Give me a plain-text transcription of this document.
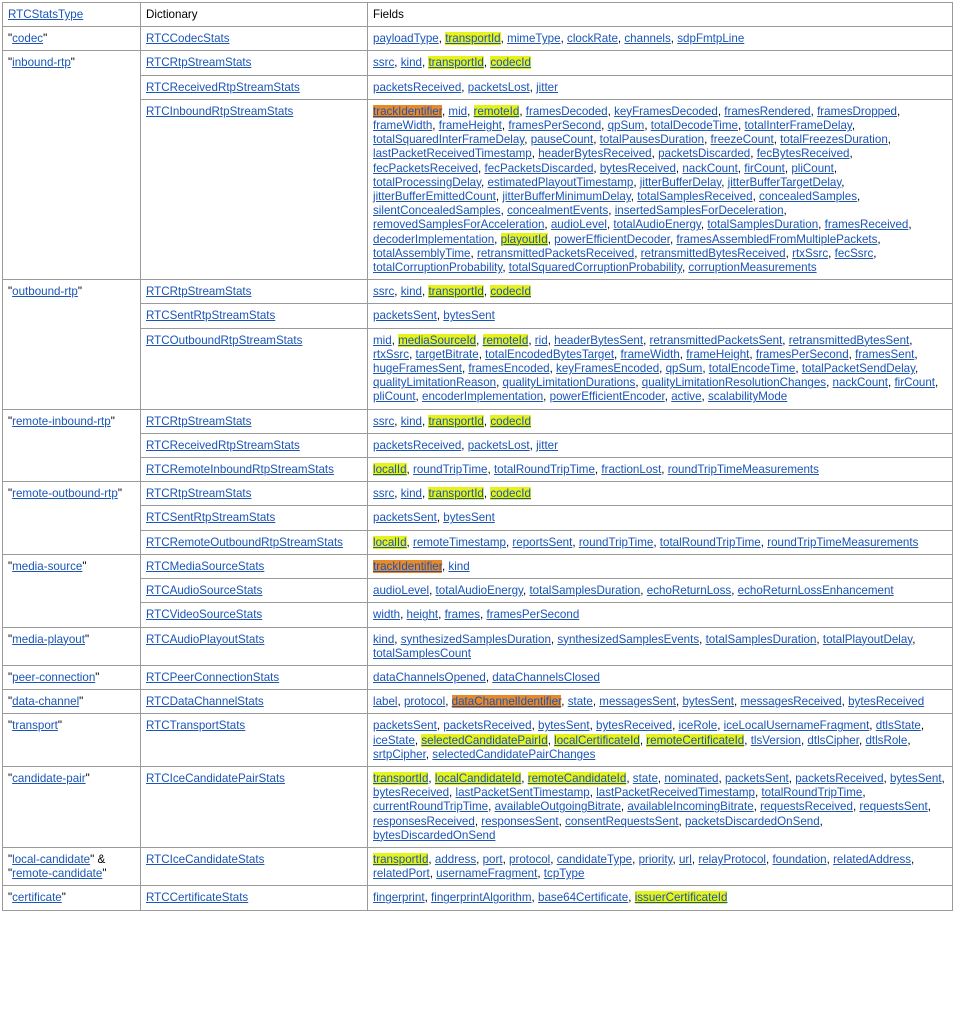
RTCStatsType	Dictionary	Fields
"codec"	RTCCodecStats	payloadType, transportId, mimeType, clockRate, channels, sdpFmtpLine
"inbound-rtp"	RTCRtpStreamStats	ssrc, kind, transportId, codecId
	RTCReceivedRtpStreamStats	packetsReceived, packetsLost, jitter
	RTCInboundRtpStreamStats	trackIdentifier, mid, remoteId, framesDecoded, keyFramesDecoded, framesRendered, framesDropped, frameWidth, frameHeight, framesPerSecond, qpSum, totalDecodeTime, totalInterFrameDelay, totalSquaredInterFrameDelay, pauseCount, totalPausesDuration, freezeCount, totalFreezesDuration, lastPacketReceivedTimestamp, headerBytesReceived, packetsDiscarded, fecBytesReceived, fecPacketsReceived, fecPacketsDiscarded, bytesReceived, nackCount, firCount, pliCount, totalProcessingDelay, estimatedPlayoutTimestamp, jitterBufferDelay, jitterBufferTargetDelay, jitterBufferEmittedCount, jitterBufferMinimumDelay, totalSamplesReceived, concealedSamples, silentConcealedSamples, concealmentEvents, insertedSamplesForDeceleration, removedSamplesForAcceleration, audioLevel, totalAudioEnergy, totalSamplesDuration, framesReceived, decoderImplementation, playoutId, powerEfficientDecoder, framesAssembledFromMultiplePackets, totalAssemblyTime, retransmittedPacketsReceived, retransmittedBytesReceived, rtxSsrc, fecSsrc, totalCorruptionProbability, totalSquaredCorruptionProbability, corruptionMeasurements
"outbound-rtp"	RTCRtpStreamStats	ssrc, kind, transportId, codecId
	RTCSentRtpStreamStats	packetsSent, bytesSent
	RTCOutboundRtpStreamStats	mid, mediaSourceId, remoteId, rid, headerBytesSent, retransmittedPacketsSent, retransmittedBytesSent, rtxSsrc, targetBitrate, totalEncodedBytesTarget, frameWidth, frameHeight, framesPerSecond, framesSent, hugeFramesSent, framesEncoded, keyFramesEncoded, qpSum, totalEncodeTime, totalPacketSendDelay, qualityLimitationReason, qualityLimitationDurations, qualityLimitationResolutionChanges, nackCount, firCount, pliCount, encoderImplementation, powerEfficientEncoder, active, scalabilityMode
"remote-inbound-rtp"	RTCRtpStreamStats	ssrc, kind, transportId, codecId
	RTCReceivedRtpStreamStats	packetsReceived, packetsLost, jitter
	RTCRemoteInboundRtpStreamStats	localId, roundTripTime, totalRoundTripTime, fractionLost, roundTripTimeMeasurements
"remote-outbound-rtp"	RTCRtpStreamStats	ssrc, kind, transportId, codecId
	RTCSentRtpStreamStats	packetsSent, bytesSent
	RTCRemoteOutboundRtpStreamStats	localId, remoteTimestamp, reportsSent, roundTripTime, totalRoundTripTime, roundTripTimeMeasurements
"media-source"	RTCMediaSourceStats	trackIdentifier, kind
	RTCAudioSourceStats	audioLevel, totalAudioEnergy, totalSamplesDuration, echoReturnLoss, echoReturnLossEnhancement
	RTCVideoSourceStats	width, height, frames, framesPerSecond
"media-playout"	RTCAudioPlayoutStats	kind, synthesizedSamplesDuration, synthesizedSamplesEvents, totalSamplesDuration, totalPlayoutDelay, totalSamplesCount
"peer-connection"	RTCPeerConnectionStats	dataChannelsOpened, dataChannelsClosed
"data-channel"	RTCDataChannelStats	label, protocol, dataChannelIdentifier, state, messagesSent, bytesSent, messagesReceived, bytesReceived
"transport"	RTCTransportStats	packetsSent, packetsReceived, bytesSent, bytesReceived, iceRole, iceLocalUsernameFragment, dtlsState, iceState, selectedCandidatePairId, localCertificateId, remoteCertificateId, tlsVersion, dtlsCipher, dtlsRole, srtpCipher, selectedCandidatePairChanges
"candidate-pair"	RTCIceCandidatePairStats	transportId, localCandidateId, remoteCandidateId, state, nominated, packetsSent, packetsReceived, bytesSent, bytesReceived, lastPacketSentTimestamp, lastPacketReceivedTimestamp, totalRoundTripTime, currentRoundTripTime, availableOutgoingBitrate, availableIncomingBitrate, requestsReceived, requestsSent, responsesReceived, responsesSent, consentRequestsSent, packetsDiscardedOnSend, bytesDiscardedOnSend
"local-candidate" & "remote-candidate"	RTCIceCandidateStats	transportId, address, port, protocol, candidateType, priority, url, relayProtocol, foundation, relatedAddress, relatedPort, usernameFragment, tcpType
"certificate"	RTCCertificateStats	fingerprint, fingerprintAlgorithm, base64Certificate, issuerCertificateId
